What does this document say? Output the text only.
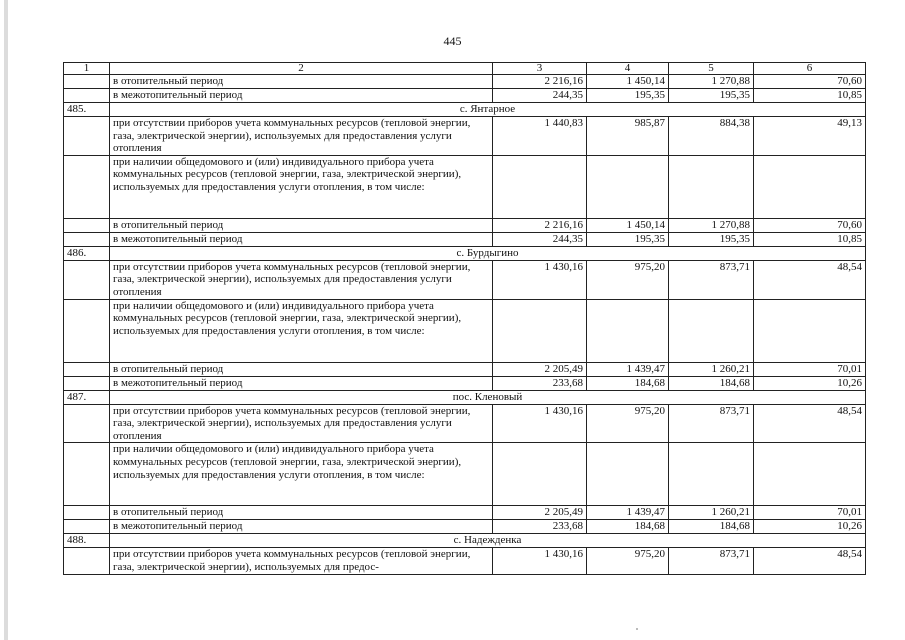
445
1	2	3	4	5	6
	в отопительный период	2 216,16	1 450,14	1 270,88	70,60
	в межотопительный период	244,35	195,35	195,35	10,85
485.	с. Янтарное				
	при отсутствии приборов учета коммунальных ресурсов (тепловой энергии, газа, электрической энергии), используемых для предоставления услуги отопления	1 440,83	985,87	884,38	49,13
	при наличии общедомового и (или) индивидуального прибора учета коммунальных ресурсов (тепловой энергии, газа, электрической энергии), используемых для предоставления услуги отопления, в том числе:				
	в отопительный период	2 216,16	1 450,14	1 270,88	70,60
	в межотопительный период	244,35	195,35	195,35	10,85
486.	с. Бурдыгино				
	при отсутствии приборов учета коммунальных ресурсов (тепловой энергии, газа, электрической энергии), используемых для предоставления услуги отопления	1 430,16	975,20	873,71	48,54
	при наличии общедомового и (или) индивидуального прибора учета коммунальных ресурсов (тепловой энергии, газа, электрической энергии), используемых для предоставления услуги отопления, в том числе:				
	в отопительный период	2 205,49	1 439,47	1 260,21	70,01
	в межотопительный период	233,68	184,68	184,68	10,26
487.	пос. Кленовый				
	при отсутствии приборов учета коммунальных ресурсов (тепловой энергии, газа, электрической энергии), используемых для предоставления услуги отопления	1 430,16	975,20	873,71	48,54
	при наличии общедомового и (или) индивидуального прибора учета коммунальных ресурсов (тепловой энергии, газа, электрической энергии), используемых для предоставления услуги отопления, в том числе:				
	в отопительный период	2 205,49	1 439,47	1 260,21	70,01
	в межотопительный период	233,68	184,68	184,68	10,26
488.	с. Надежденка				
	при отсутствии приборов учета коммунальных ресурсов (тепловой энергии, газа, электрической энергии), используемых для предос-	1 430,16	975,20	873,71	48,54
